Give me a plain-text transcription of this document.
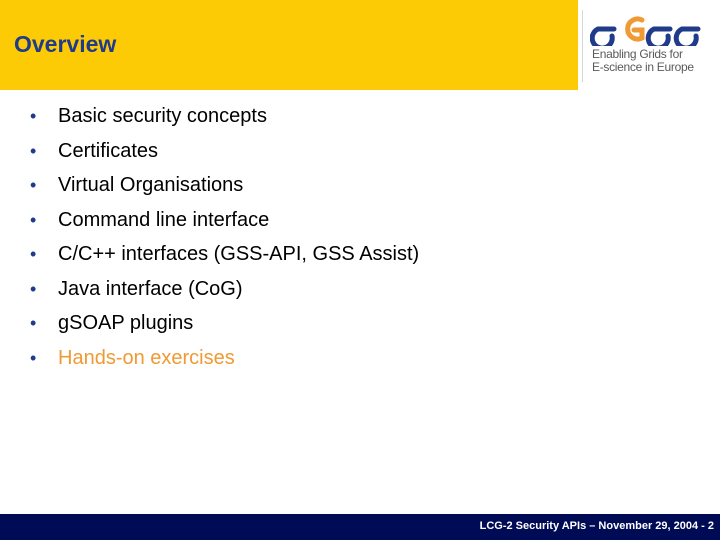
Overview	Enabling Grids for
E-science in Europe
• Basic security concepts
• Certificates
• Virtual Organisations
• Command line interface
• C/C++ interfaces (GSS-API, GSS Assist)
• Java interface (CoG)
• gSOAP plugins
• Hands-on exercises
LCG-2 Security APIs – November 29, 2004 - 2
